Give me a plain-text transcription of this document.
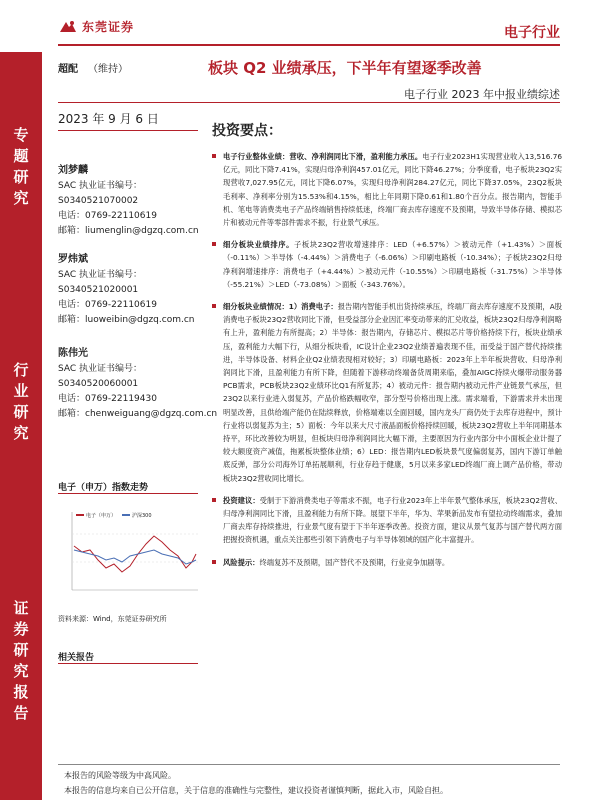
东莞证券	电子行业
专题研究
行业研究
证券研究报告
超配 （维持）	板块 Q2 业绩承压，下半年有望逐季改善
电子行业 2023 年中报业绩综述
2023 年 9 月 6 日
刘梦麟
SAC 执业证书编号：
S0340521070002
电话：0769-22110619
邮箱：liumenglin@dgzq.com.cn
罗炜斌
SAC 执业证书编号：
S0340521020001
电话：0769-22110619
邮箱：luoweibin@dgzq.com.cn
陈伟光
SAC 执业证书编号：
S0340520060001
电话：0769-22119430
邮箱：chenweiguang@dgzq.com.cn
电子（申万）指数走势
电子（申万）	沪深300
资料来源：Wind，东莞证券研究所
相关报告
投资要点：
电子行业整体业绩：营收、净利润同比下滑，盈利能力承压。电子行业2023H1实现营业收入13,516.76亿元，同比下降7.41%，实现归母净利润457.01亿元，同比下降46.27%；分季度看，电子板块23Q2实现营收7,027.95亿元，同比下降6.07%，实现归母净利润284.27亿元，同比下降37.05%，23Q2板块毛利率、净利率分别为15.53%和4.15%，相比上年同期下降0.61和1.80个百分点。报告期内，智能手机、笔电等消费类电子产品终端销售持续低迷，终端厂商去库存速度不及预期，导致半导体存储、模拟芯片和被动元件等零部件需求不振，行业景气承压。
细分板块业绩排序。子板块23Q2营收增速排序：LED（+6.57%）＞被动元件（+1.43%）＞面板（-0.11%）＞半导体（-4.44%）＞消费电子（-6.06%）＞印刷电路板（-10.34%）；子板块23Q2归母净利润增速排序：消费电子（+4.44%）＞被动元件（-10.55%）＞印刷电路板（-31.75%）＞半导体（-55.21%）＞LED（-73.08%）＞面板（-343.76%）。
细分板块业绩情况：1）消费电子：报告期内智能手机出货持续承压，终端厂商去库存速度不及预期，A股消费电子板块23Q2营收同比下滑，但受益部分企业因汇率变动带来的汇兑收益，板块23Q2归母净利润略有上升，盈利能力有所提高；2）半导体：报告期内，存储芯片、模拟芯片等价格持续下行，板块业绩承压，盈利能力大幅下行，从细分板块看，IC设计企业23Q2业绩普遍表现不佳，而受益于国产替代持续推进，半导体设备、材料企业Q2业绩表现相对较好；3）印刷电路板：2023年上半年板块营收、归母净利润同比下滑，且盈利能力有所下降，但随着下游移动终端备货周期来临，叠加AIGC持续火爆带动服务器PCB需求，PCB板块23Q2业绩环比Q1有所复苏；4）被动元件：报告期内被动元件产业链景气承压，但23Q2以来行业进入弱复苏，产品价格跌幅收窄，部分型号价格出现上涨。需求端看，下游需求并未出现明显改善，且供给端产能仍在陆续释放，价格端难以全面回暖，国内龙头厂商仍处于去库存进程中，预计行业将以弱复苏为主；5）面板：今年以来大尺寸液晶面板价格持续回暖，板块23Q2营收上半年同期基本持平，环比改善较为明显，但板块归母净利润同比大幅下滑，主要原因为行业内部分中小面板企业计提了较大额度资产减值，拖累板块整体业绩；6）LED：报告期内LED板块景气度偏弱复苏，国内下游订单触底反弹，部分公司海外订单拓展顺利，行业存趋于健康，5月以来多家LED终端厂商上调产品价格，带动板块23Q2营收同比增长。
投资建议：受制于下游消费类电子等需求不振，电子行业2023年上半年景气整体承压，板块23Q2营收、归母净利润同比下滑，且盈利能力有所下降。展望下半年，华为、苹果新品发布有望拉动终端需求，叠加厂商去库存持续推进，行业景气度有望于下半年逐季改善。投资方面，建议从景气复苏与国产替代两方面把握投资机遇，重点关注那些引领下消费电子与半导体领域的国产化丰富提升。
风险提示：终端复苏不及预期，国产替代不及预期，行业竞争加剧等。
本报告的风险等级为中高风险。
本报告的信息均来自已公开信息，关于信息的准确性与完整性，建议投资者谨慎判断，据此入市，风险自担。
